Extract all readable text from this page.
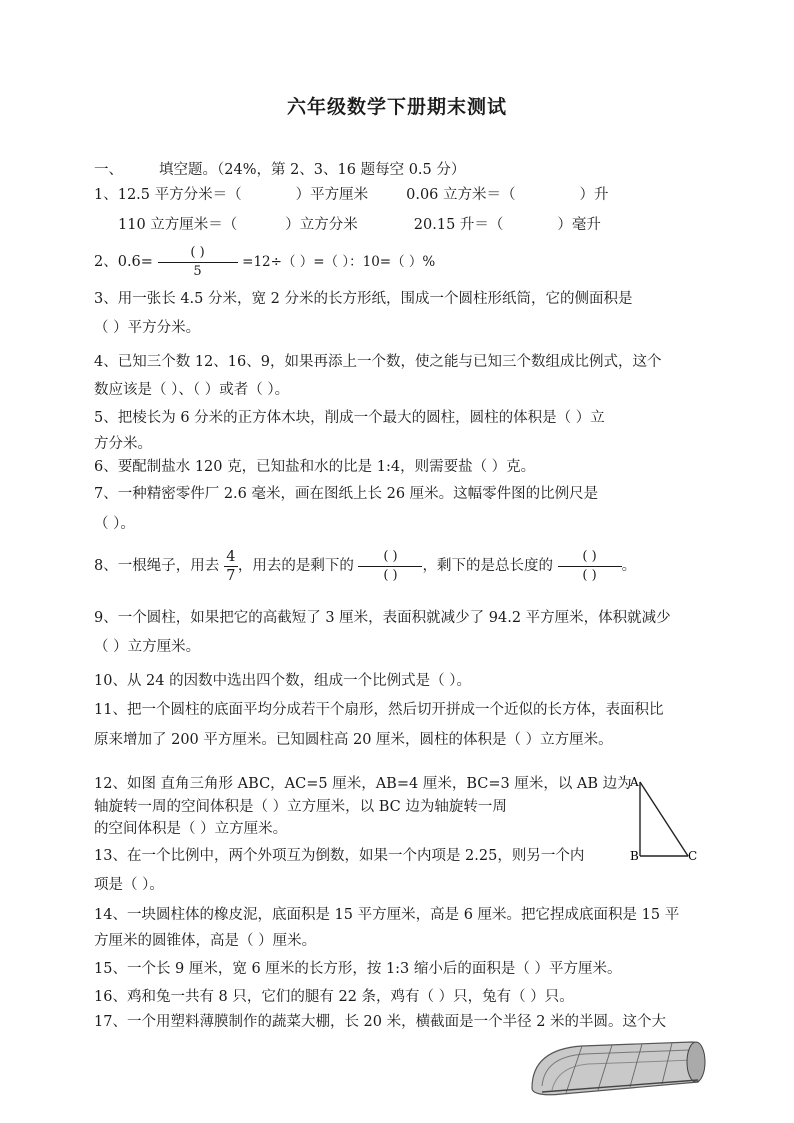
六年级数学下册期末测试
一、 填空题。（24%，第 2、3、16 题每空 0.5 分）
1、12.5 平方分米＝（	）平方厘米	0.06 立方米＝（	）升
110 立方厘米＝（	）立方分米	20.15 升＝（	）毫升
2、$0.6= \frac{( )}{5} =12\div$（ ）=（ ）：10=（ ）%
3、用一张长 4.5 分米，宽 2 分米的长方形纸，围成一个圆柱形纸筒，它的侧面积是
（ ）平方分米。
4、已知三个数 12、16、9，如果再添上一个数，使之能与已知三个数组成比例式，这个
数应该是（ ）、（ ）或者（ ）。
5、把棱长为 6 分米的正方体木块，削成一个最大的圆柱，圆柱的体积是（ ）立
方分米。
6、要配制盐水 120 克，已知盐和水的比是 1:4，则需要盐（ ）克。
7、一种精密零件厂 2.6 毫米，画在图纸上长 26 厘米。这幅零件图的比例尺是
（ ）。
8、一根绳子，用去 $\frac{4}{7}$ ，用去的是剩下的 $\frac{( )}{( )}$ ，剩下的是总长度的 $\frac{( )}{( )}$ 。
9、一个圆柱，如果把它的高截短了 3 厘米，表面积就减少了 94.2 平方厘米，体积就减少
（ ）立方厘米。
10、从 24 的因数中选出四个数，组成一个比例式是（ ）。
11、把一个圆柱的底面平均分成若干个扇形，然后切开拼成一个近似的长方体，表面积比
原来增加了 200 平方厘米。已知圆柱高 20 厘米，圆柱的体积是（ ）立方厘米。
12、如图 直角三角形 ABC，AC=5 厘米，AB=4 厘米，BC=3 厘米，以 AB 边为
轴旋转一周的空间体积是（ ）立方厘米，以 BC 边为轴旋转一周
的空间体积是（ ）立方厘米。
A
B	C
13、在一个比例中，两个外项互为倒数，如果一个内项是 2.25，则另一个内
项是（ ）。
14、一块圆柱体的橡皮泥，底面积是 15 平方厘米，高是 6 厘米。把它捏成底面积是 15 平
方厘米的圆锥体，高是（ ）厘米。
15、一个长 9 厘米，宽 6 厘米的长方形，按 1:3 缩小后的面积是（ ）平方厘米。
16、鸡和兔一共有 8 只，它们的腿有 22 条，鸡有（ ）只，兔有（ ）只。
17、一个用塑料薄膜制作的蔬菜大棚，长 20 米，横截面是一个半径 2 米的半圆。这个大
